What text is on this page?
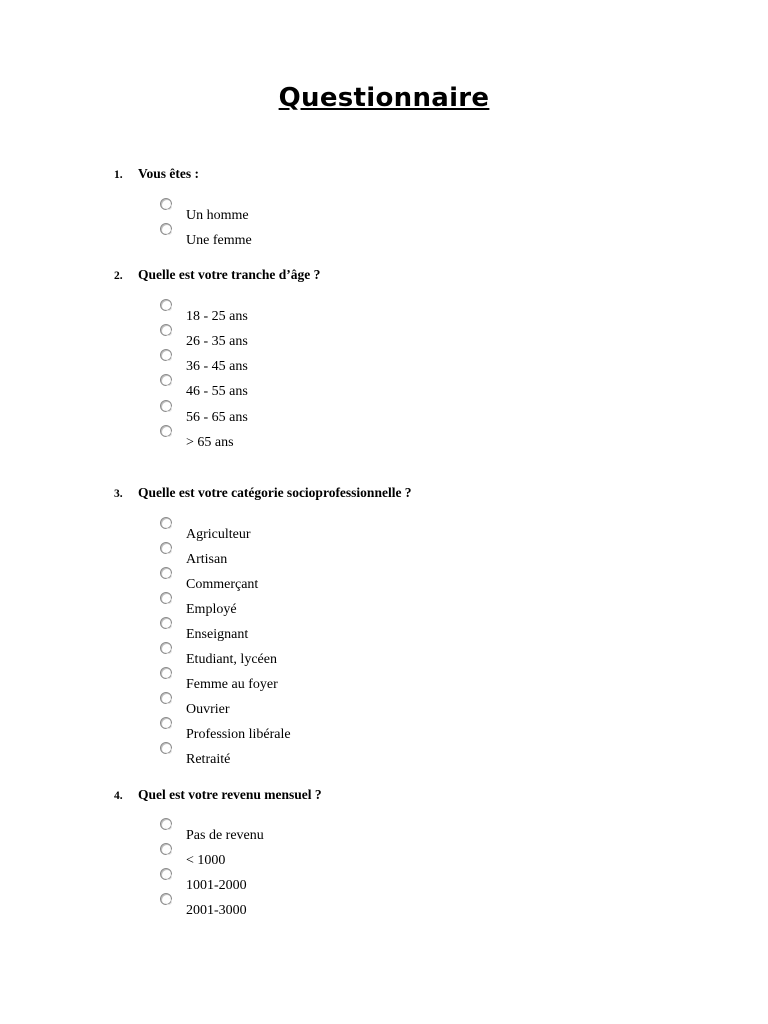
Questionnaire
1. Vous êtes :
Un homme
Une femme
2. Quelle est votre tranche d’âge ?
18 - 25 ans
26 - 35 ans
36 - 45 ans
46 - 55 ans
56 - 65 ans
> 65 ans
3. Quelle est votre catégorie socioprofessionnelle ?
Agriculteur
Artisan
Commerçant
Employé
Enseignant
Etudiant, lycéen
Femme au foyer
Ouvrier
Profession libérale
Retraité
4. Quel est votre revenu mensuel ?
Pas de revenu
< 1000
1001-2000
2001-3000
